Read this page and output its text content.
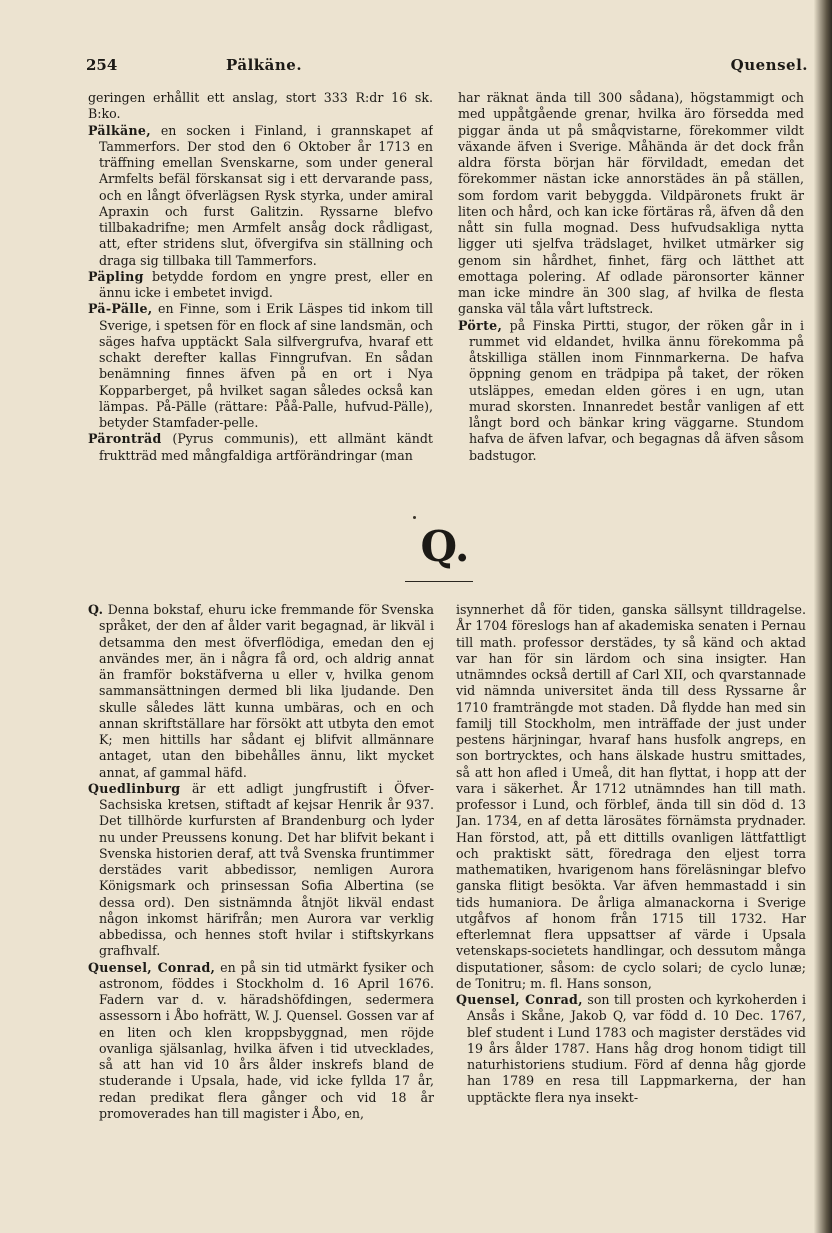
254	Pälkäne.	Quensel.

geringen erhållit ett anslag, stort 333 R:dr 16 sk. B:ko.

Pälkäne, en socken i Finland, i grannskapet af Tammerfors. Der stod den 6 Oktober år 1713 en träffning emellan Svenskarne, som under general Armfelts befäl förskansat sig i ett dervarande pass, och en långt öfverlägsen Rysk styrka, under amiral Apraxin och furst Galitzin. Ryssarne blefvo tillbakadrifne; men Armfelt ansåg dock rådligast, att, efter stridens slut, öfvergifva sin ställning och draga sig tillbaka till Tammerfors.

Päpling betydde fordom en yngre prest, eller en ännu icke i embetet invigd.

Pä-Pälle, en Finne, som i Erik Läspes tid inkom till Sverige, i spetsen för en flock af sine landsmän, och säges hafva upptäckt Sala silfvergrufva, hvaraf ett schakt derefter kallas Finngrufvan. En sådan benämning finnes äfven på en ort i Nya Kopparberget, på hvilket sagan således också kan lämpas. På-Pälle (rättare: Påå-Palle, hufvud-Pälle), betyder Stamfader-pelle.

Päronträd (Pyrus communis), ett allmänt kändt fruktträd med mångfaldiga artförändringar (man

har räknat ända till 300 sådana), högstammigt och med uppåtgående grenar, hvilka äro försedda med piggar ända ut på småqvistarne, förekommer vildt växande äfven i Sverige. Måhända är det dock från aldra första början här förvildadt, emedan det förekommer nästan icke annorstädes än på ställen, som fordom varit bebyggda. Vildpäronets frukt är liten och hård, och kan icke förtäras rå, äfven då den nått sin fulla mognad. Dess hufvudsakliga nytta ligger uti sjelfva trädslaget, hvilket utmärker sig genom sin hårdhet, finhet, färg och lätthet att emottaga polering. Af odlade päronsorter känner man icke mindre än 300 slag, af hvilka de flesta ganska väl tåla vårt luftstreck.

Pörte, på Finska Pirtti, stugor, der röken går in i rummet vid eldandet, hvilka ännu förekomma på åtskilliga ställen inom Finnmarkerna. De hafva öppning genom en trädpipa på taket, der röken utsläppes, emedan elden göres i en ugn, utan murad skorsten. Innanredet består vanligen af ett långt bord och bänkar kring väggarne. Stundom hafva de äfven lafvar, och begagnas då äfven såsom badstugor.

Q.

Q. Denna bokstaf, ehuru icke fremmande för Svenska språket, der den af ålder varit begagnad, är likväl i detsamma den mest öfverflödiga, emedan den ej användes mer, än i några få ord, och aldrig annat än framför bokstäfverna u eller v, hvilka genom sammansättningen dermed bli lika ljudande. Den skulle således lätt kunna umbäras, och en och annan skriftställare har försökt att utbyta den emot K; men hittills har sådant ej blifvit allmännare antaget, utan den bibehålles ännu, likt mycket annat, af gammal häfd.

Quedlinburg är ett adligt jungfrustift i Öfver-Sachsiska kretsen, stiftadt af kejsar Henrik år 937. Det tillhörde kurfursten af Brandenburg och lyder nu under Preussens konung. Det har blifvit bekant i Svenska historien deraf, att två Svenska fruntimmer derstädes varit abbedissor, nemligen Aurora Königsmark och prinsessan Sofia Albertina (se dessa ord). Den sistnämnda åtnjöt likväl endast någon inkomst härifrån; men Aurora var verklig abbedissa, och hennes stoft hvilar i stiftskyrkans grafhvalf.

Quensel, Conrad, en på sin tid utmärkt fysiker och astronom, föddes i Stockholm d. 16 April 1676. Fadern var d. v. häradshöfdingen, sedermera assessorn i Åbo hofrätt, W. J. Quensel. Gossen var af en liten och klen kroppsbyggnad, men röjde ovanliga själsanlag, hvilka äfven i tid utvecklades, så att han vid 10 års ålder inskrefs bland de studerande i Upsala, hade, vid icke fyllda 17 år, redan predikat flera gånger och vid 18 år promoverades han till magister i Åbo, en,

isynnerhet då för tiden, ganska sällsynt tilldragelse. År 1704 föreslogs han af akademiska senaten i Pernau till math. professor derstädes, ty så känd och aktad var han för sin lärdom och sina insigter. Han utnämndes också dertill af Carl XII, och qvarstannade vid nämnda universitet ända till dess Ryssarne år 1710 framträngde mot staden. Då flydde han med sin familj till Stockholm, men inträffade der just under pestens härjningar, hvaraf hans husfolk angreps, en son bortrycktes, och hans älskade hustru smittades, så att hon afled i Umeå, dit han flyttat, i hopp att der vara i säkerhet. År 1712 utnämndes han till math. professor i Lund, och förblef, ända till sin död d. 13 Jan. 1734, en af detta lärosätes förnämsta prydnader. Han förstod, att, på ett dittills ovanligen lättfattligt och praktiskt sätt, föredraga den eljest torra mathematiken, hvarigenom hans föreläsningar blefvo ganska flitigt besökta. Var äfven hemmastadd i sin tids humaniora. De årliga almanackorna i Sverige utgåfvos af honom från 1715 till 1732. Har efterlemnat flera uppsattser af värde i Upsala vetenskaps-societets handlingar, och dessutom många disputationer, såsom: de cyclo solari; de cyclo lunæ; de Tonitru; m. fl. Hans sonson,

Quensel, Conrad, son till prosten och kyrkoherden i Ansås i Skåne, Jakob Q, var född d. 10 Dec. 1767, blef student i Lund 1783 och magister derstädes vid 19 års ålder 1787. Hans håg drog honom tidigt till naturhistoriens studium. Förd af denna håg gjorde han 1789 en resa till Lappmarkerna, der han upptäckte flera nya insekt-
